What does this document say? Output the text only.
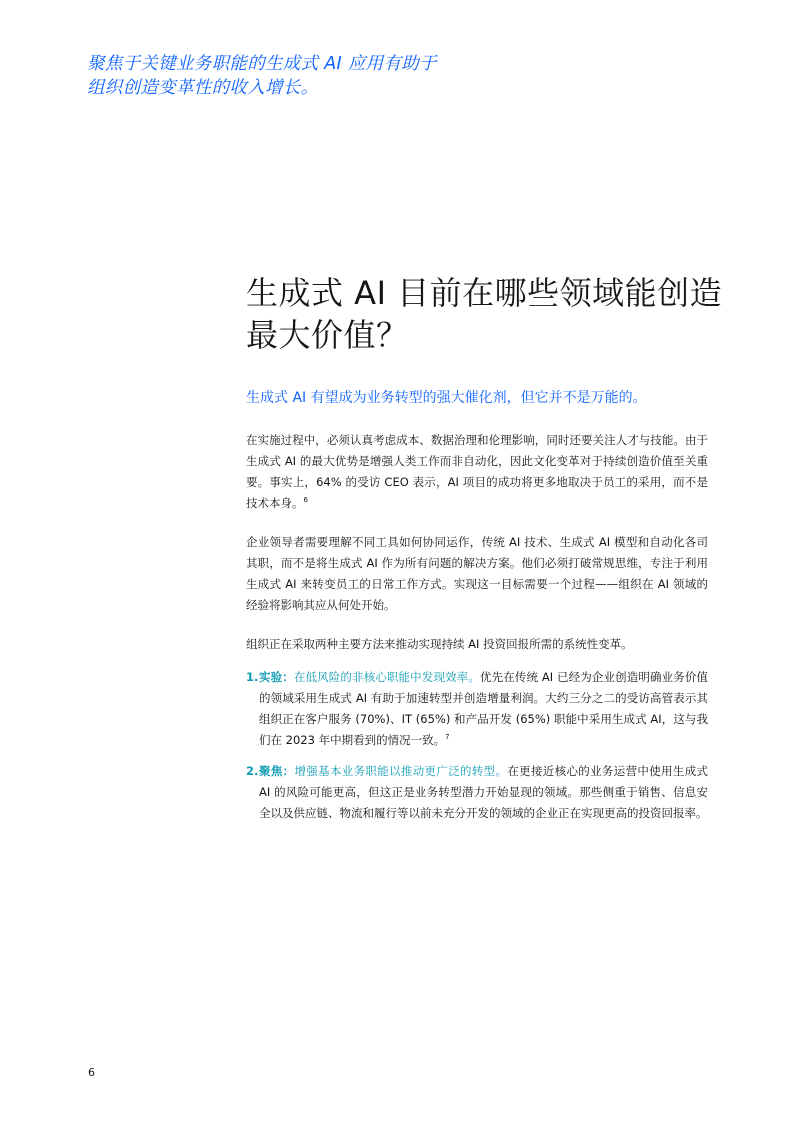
聚焦于关键业务职能的生成式 AI 应用有助于
组织创造变革性的收入增长。
生成式 AI 目前在哪些领域能创造
最大价值？
生成式 AI 有望成为业务转型的强大催化剂，但它并不是万能的。

在实施过程中，必须认真考虑成本、数据治理和伦理影响，同时还要关注人才与技能。由于生成式 AI 的最大优势是增强人类工作而非自动化，因此文化变革对于持续创造价值至关重要。事实上，64% 的受访 CEO 表示，AI 项目的成功将更多地取决于员工的采用，而不是技术本身。$^6$

企业领导者需要理解不同工具如何协同运作，传统 AI 技术、生成式 AI 模型和自动化各司其职，而不是将生成式 AI 作为所有问题的解决方案。他们必须打破常规思维，专注于利用生成式 AI 来转变员工的日常工作方式。实现这一目标需要一个过程——组织在 AI 领域的经验将影响其应从何处开始。

组织正在采取两种主要方法来推动实现持续 AI 投资回报所需的系统性变革。

1. 实验：在低风险的非核心职能中发现效率。优先在传统 AI 已经为企业创造明确业务价值的领域采用生成式 AI 有助于加速转型并创造增量利润。大约三分之二的受访高管表示其组织正在客户服务 (70%)、IT (65%) 和产品开发 (65%) 职能中采用生成式 AI，这与我们在 2023 年中期看到的情况一致。$^7$
2. 聚焦：增强基本业务职能以推动更广泛的转型。在更接近核心的业务运营中使用生成式 AI 的风险可能更高，但这正是业务转型潜力开始显现的领域。那些侧重于销售、信息安全以及供应链、物流和履行等以前未充分开发的领域的企业正在实现更高的投资回报率。
6
